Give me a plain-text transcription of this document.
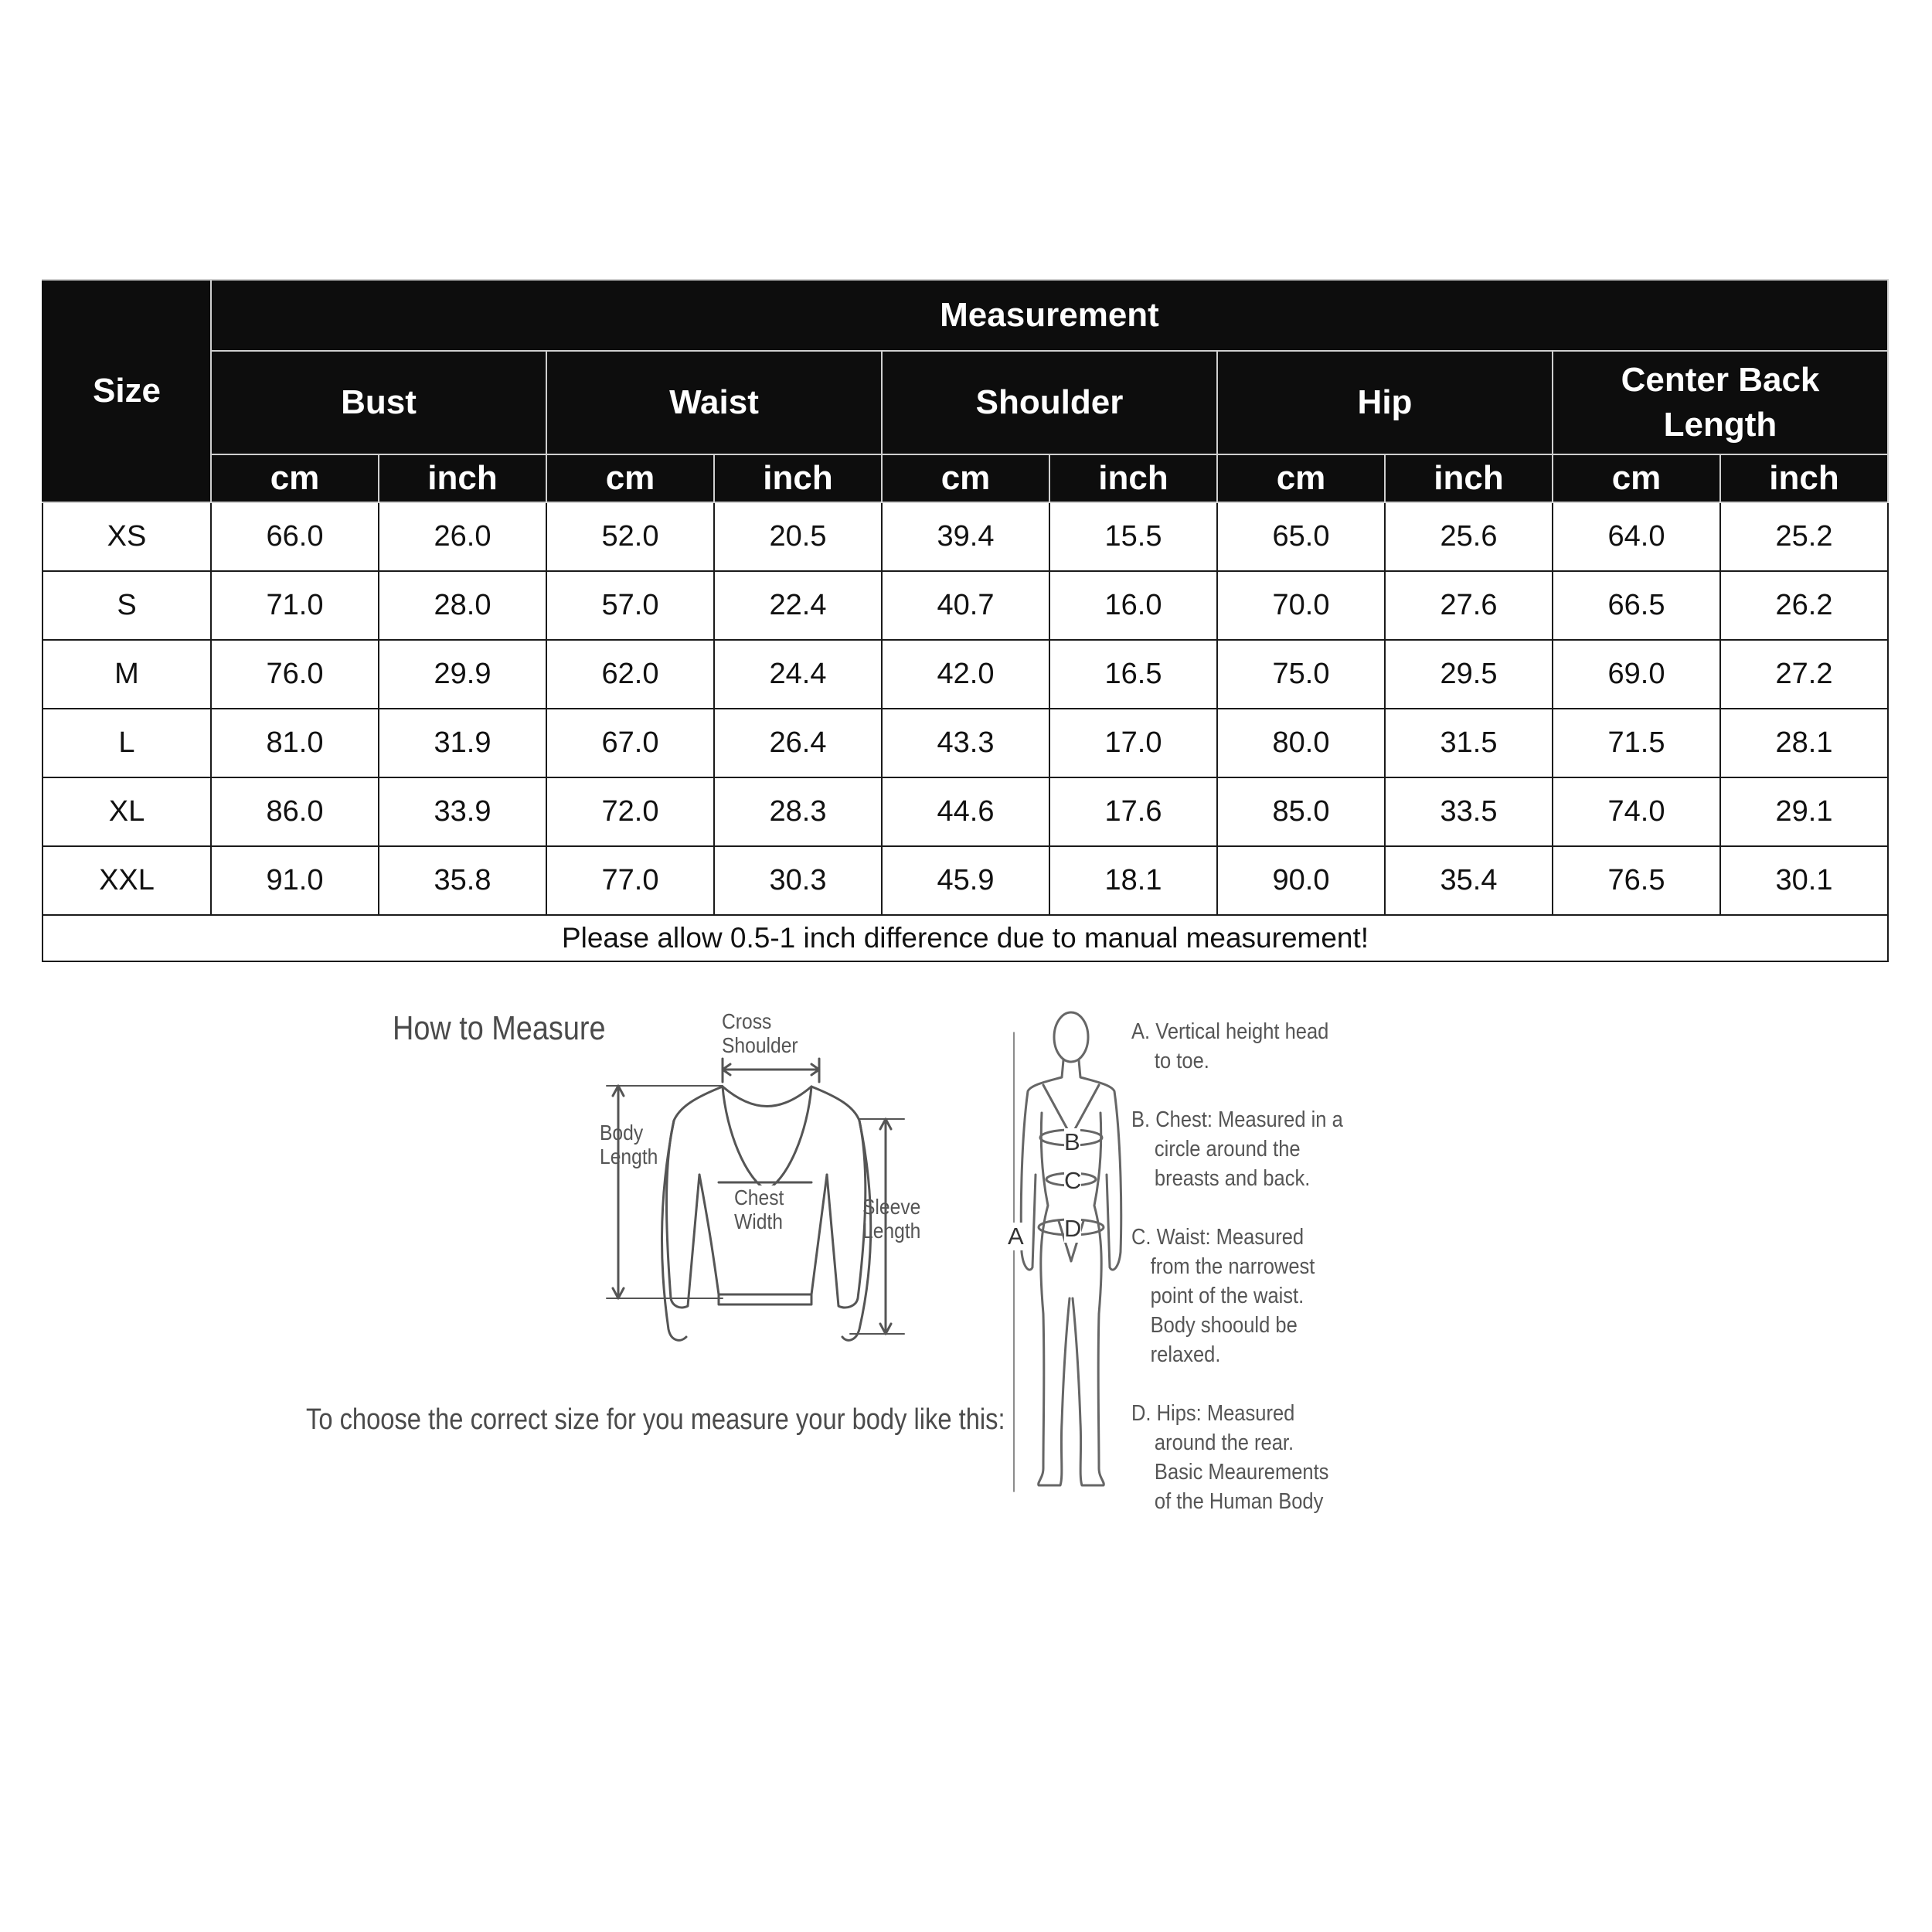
Size	Measurement									
	Bust		Waist		Shoulder		Hip		Center Back Length	
	cm	inch	cm	inch	cm	inch	cm	inch	cm	inch
XS	66.0	26.0	52.0	20.5	39.4	15.5	65.0	25.6	64.0	25.2
S	71.0	28.0	57.0	22.4	40.7	16.0	70.0	27.6	66.5	26.2
M	76.0	29.9	62.0	24.4	42.0	16.5	75.0	29.5	69.0	27.2
L	81.0	31.9	67.0	26.4	43.3	17.0	80.0	31.5	71.5	28.1
XL	86.0	33.9	72.0	28.3	44.6	17.6	85.0	33.5	74.0	29.1
XXL	91.0	35.8	77.0	30.3	45.9	18.1	90.0	35.4	76.5	30.1
Please allow 0.5-1 inch difference due to manual measurement!										
How to Measure
To choose the correct size for you measure your body like this:
Cross
Shoulder
Body
Length
Chest
Width
Sleeve
Length	A
B
C
D
A. Vertical height head
to toe.
B. Chest: Measured in a
circle around the
breasts and back.
C. Waist: Measured
from the narrowest
point of the waist.
Body shoould be
relaxed.
D. Hips: Measured
around the rear.
Basic Meaurements
of the Human Body
